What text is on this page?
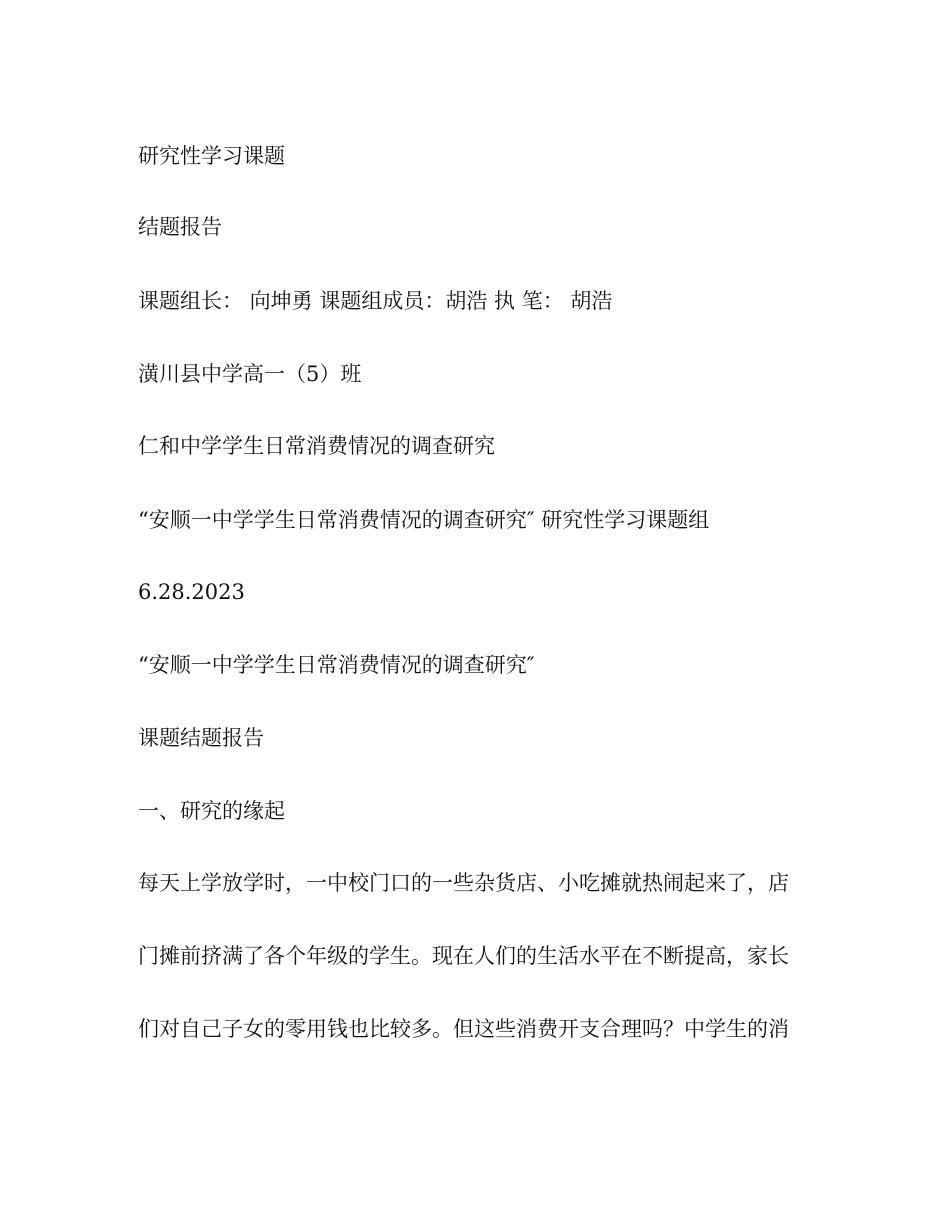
研究性学习课题
结题报告
课题组长： 向坤勇 课题组成员：胡浩 执 笔： 胡浩
潢川县中学高一（5）班
仁和中学学生日常消费情况的调查研究
“安顺一中学学生日常消费情况的调查研究″ 研究性学习课题组
6.28.2023
“安顺一中学学生日常消费情况的调查研究″
课题结题报告
一、研究的缘起

每天上学放学时，一中校门口的一些杂货店、小吃摊就热闹起来了，店

门摊前挤满了各个年级的学生。现在人们的生活水平在不断提高，家长

们对自己子女的零用钱也比较多。但这些消费开支合理吗？中学生的消
